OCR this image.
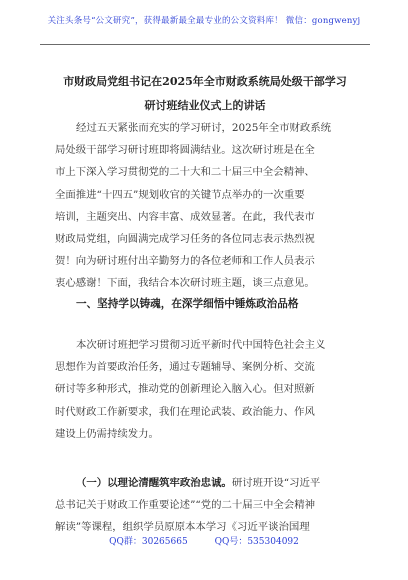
关注头条号“公文研究”，获得最新最全最专业的公文资料库！ 微信：gongwenyj
市财政局党组书记在2025年全市财政系统局处级干部学习
研讨班结业仪式上的讲话
经过五天紧张而充实的学习研讨，2025年全市财政系统
局处级干部学习研讨班即将圆满结业。这次研讨班是在全
市上下深入学习贯彻党的二十大和二十届三中全会精神、
全面推进“十四五”规划收官的关键节点举办的一次重要
培训，主题突出、内容丰富、成效显著。在此，我代表市
财政局党组，向圆满完成学习任务的各位同志表示热烈祝
贺！向为研讨班付出辛勤努力的各位老师和工作人员表示
衷心感谢！下面，我结合本次研讨班主题，谈三点意见。
一、坚持学以铸魂，在深学细悟中锤炼政治品格
本次研讨班把学习贯彻习近平新时代中国特色社会主义
思想作为首要政治任务，通过专题辅导、案例分析、交流
研讨等多种形式，推动党的创新理论入脑入心。但对照新
时代财政工作新要求，我们在理论武装、政治能力、作风
建设上仍需持续发力。
（一）以理论清醒筑牢政治忠诚。研讨班开设“习近平
总书记关于财政工作重要论述”“党的二十届三中全会精神
解读”等课程，组织学员原原本本学习《习近平谈治国理
QQ群：30265665	QQ号：535304092
